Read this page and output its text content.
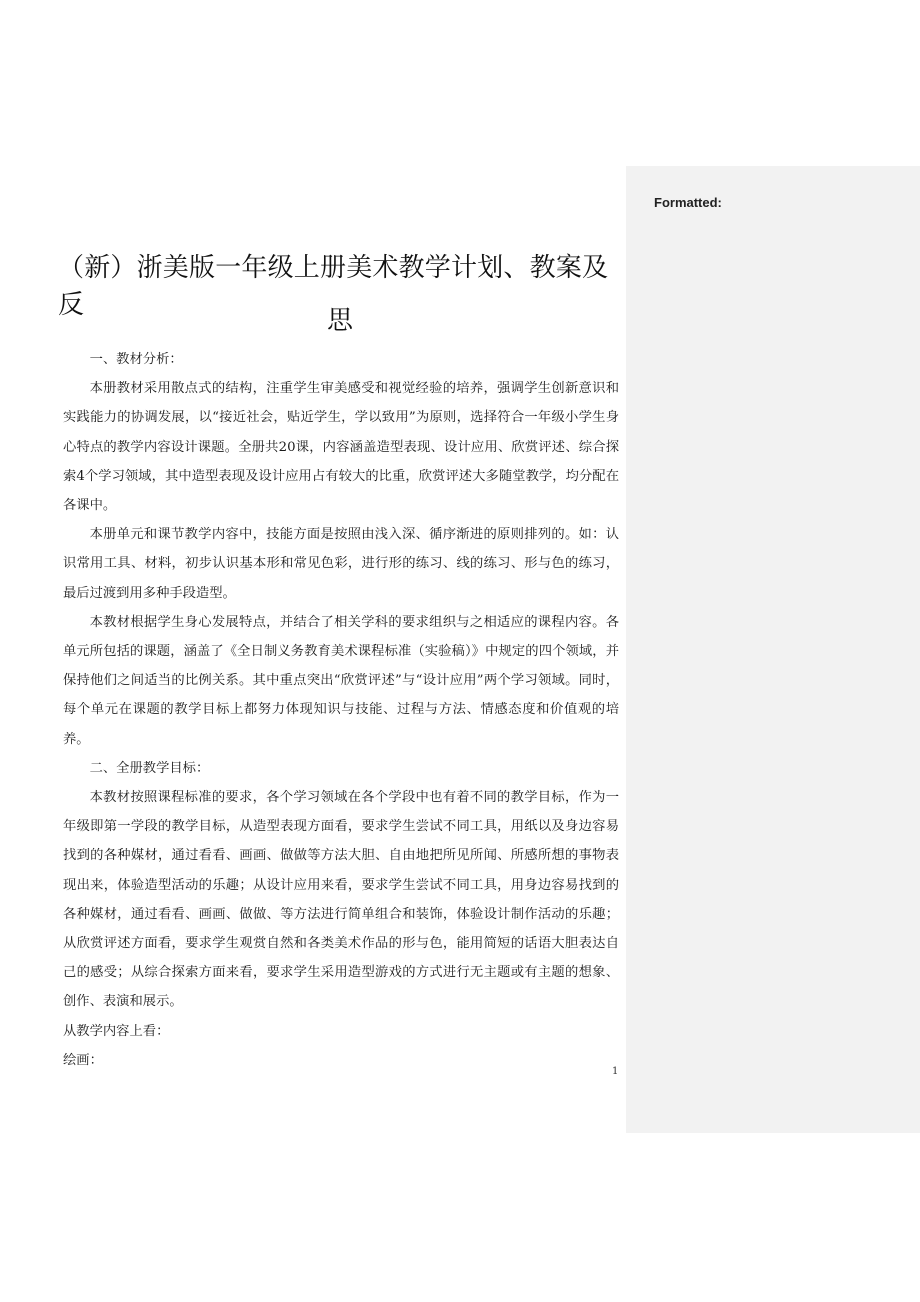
Formatted:
（新）浙美版一年级上册美术教学计划、教案及反
思

一、教材分析：

本册教材采用散点式的结构，注重学生审美感受和视觉经验的培养，强调学生创新意识和实践能力的协调发展，以“接近社会，贴近学生，学以致用”为原则，选择符合一年级小学生身心特点的教学内容设计课题。全册共20课，内容涵盖造型表现、设计应用、欣赏评述、综合探索4个学习领域，其中造型表现及设计应用占有较大的比重，欣赏评述大多随堂教学，均分配在各课中。

本册单元和课节教学内容中，技能方面是按照由浅入深、循序渐进的原则排列的。如：认识常用工具、材料，初步认识基本形和常见色彩，进行形的练习、线的练习、形与色的练习，最后过渡到用多种手段造型。

本教材根据学生身心发展特点，并结合了相关学科的要求组织与之相适应的课程内容。各单元所包括的课题，涵盖了《全日制义务教育美术课程标准（实验稿）》中规定的四个领域，并保持他们之间适当的比例关系。其中重点突出“欣赏评述”与“设计应用”两个学习领域。同时，每个单元在课题的教学目标上都努力体现知识与技能、过程与方法、情感态度和价值观的培养。

二、全册教学目标：

本教材按照课程标准的要求，各个学习领域在各个学段中也有着不同的教学目标，作为一年级即第一学段的教学目标，从造型表现方面看，要求学生尝试不同工具，用纸以及身边容易找到的各种媒材，通过看看、画画、做做等方法大胆、自由地把所见所闻、所感所想的事物表现出来，体验造型活动的乐趣；从设计应用来看，要求学生尝试不同工具，用身边容易找到的各种媒材，通过看看、画画、做做、等方法进行简单组合和装饰，体验设计制作活动的乐趣；从欣赏评述方面看，要求学生观赏自然和各类美术作品的形与色，能用简短的话语大胆表达自己的感受；从综合探索方面来看，要求学生采用造型游戏的方式进行无主题或有主题的想象、创作、表演和展示。

从教学内容上看：

绘画：

1
